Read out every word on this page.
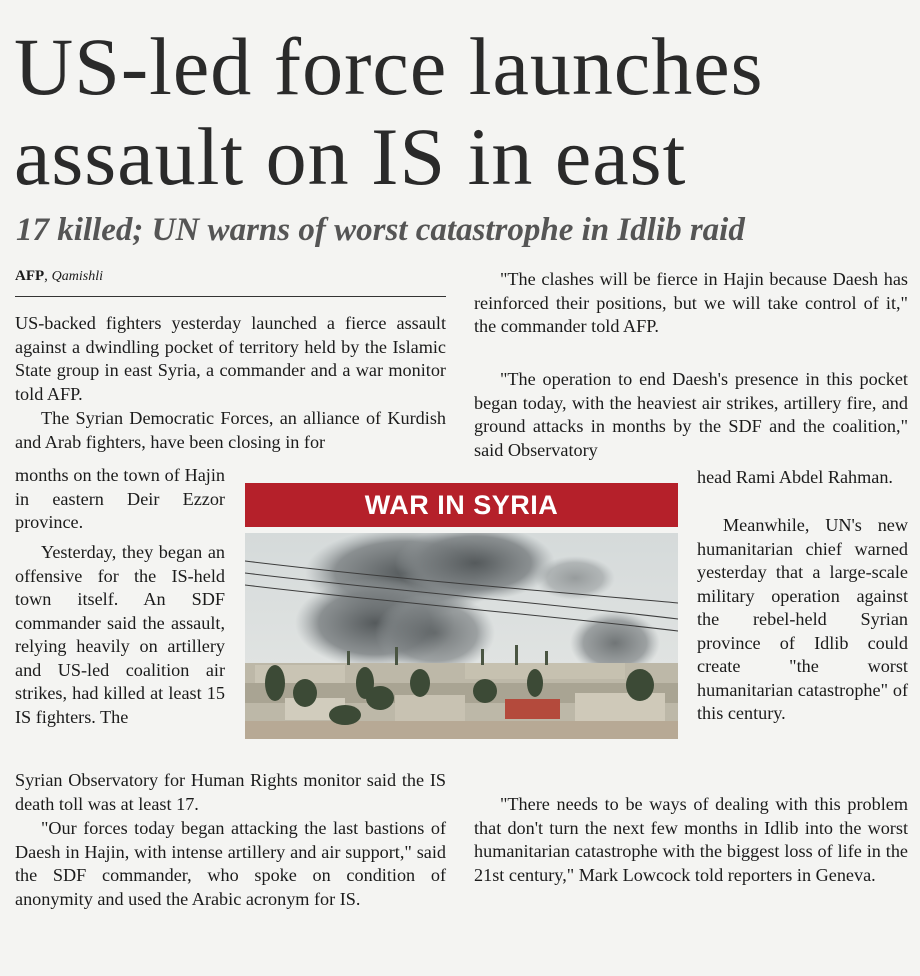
US-led force launches
assault on IS in east
17 killed; UN warns of worst catastrophe in Idlib raid
AFP, Qamishli

US-backed fighters yesterday launched a fierce assault against a dwindling pocket of territory held by the Islamic State group in east Syria, a commander and a war monitor told AFP.

The Syrian Democratic Forces, an alliance of Kurdish and Arab fighters, have been closing in for

months on the town of Hajin in eastern Deir Ezzor province.

Yesterday, they began an offensive for the IS-held town itself. An SDF commander said the assault, relying heavily on artillery and US-led coalition air strikes, had killed at least 15 IS fighters. The

Syrian Observatory for Human Rights monitor said the IS death toll was at least 17.

"Our forces today began attacking the last bastions of Daesh in Hajin, with intense artillery and air support," said the SDF commander, who spoke on condition of anonymity and used the Arabic acronym for IS.

WAR IN SYRIA

"The clashes will be fierce in Hajin because Daesh has reinforced their positions, but we will take control of it," the commander told AFP.

"The operation to end Daesh's presence in this pocket began today, with the heaviest air strikes, artillery fire, and ground attacks in months by the SDF and the coalition," said Observatory

head Rami Abdel Rahman.

Meanwhile, UN's new humanitarian chief warned yesterday that a large-scale military operation against the rebel-held Syrian province of Idlib could create "the worst humanitarian catastrophe" of this century.

"There needs to be ways of dealing with this problem that don't turn the next few months in Idlib into the worst humanitarian catastrophe with the biggest loss of life in the 21st century," Mark Lowcock told reporters in Geneva.
